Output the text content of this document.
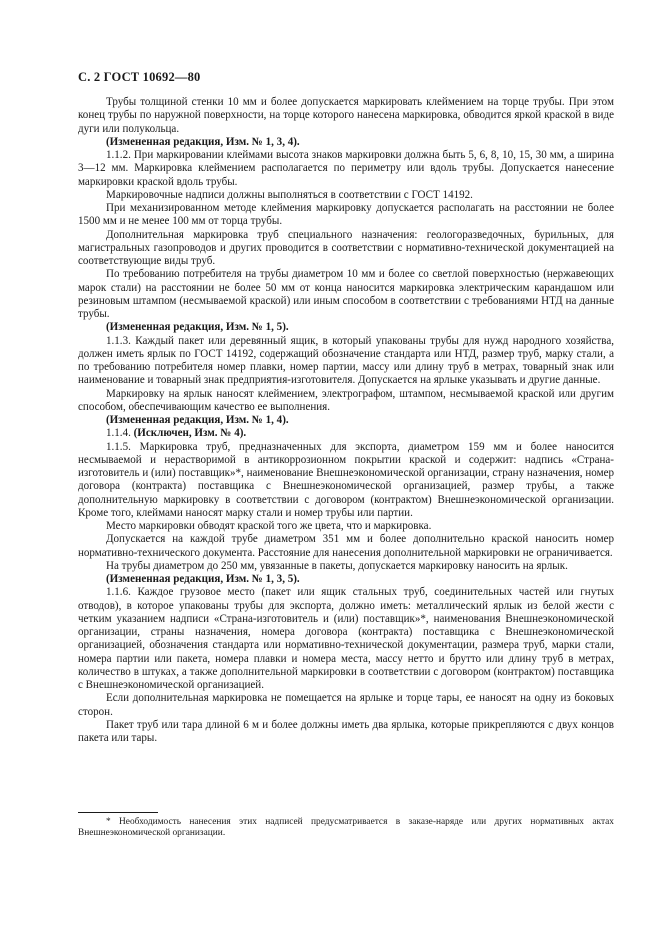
С. 2 ГОСТ 10692—80

Трубы толщиной стенки 10 мм и более допускается маркировать клеймением на торце трубы. При этом конец трубы по наружной поверхности, на торце которого нанесена маркировка, обводится яркой краской в виде дуги или полукольца.

(Измененная редакция, Изм. № 1, 3, 4).

1.1.2. При маркировании клеймами высота знаков маркировки должна быть 5, 6, 8, 10, 15, 30 мм, а ширина 3—12 мм. Маркировка клеймением располагается по периметру или вдоль трубы. Допускается нанесение маркировки краской вдоль трубы.

Маркировочные надписи должны выполняться в соответствии с ГОСТ 14192.

При механизированном методе клеймения маркировку допускается располагать на расстоянии не более 1500 мм и не менее 100 мм от торца трубы.

Дополнительная маркировка труб специального назначения: геологоразведочных, бурильных, для магистральных газопроводов и других проводится в соответствии с нормативно-технической документацией на соответствующие виды труб.

По требованию потребителя на трубы диаметром 10 мм и более со светлой поверхностью (нержавеющих марок стали) на расстоянии не более 50 мм от конца наносится маркировка электрическим карандашом или резиновым штампом (несмываемой краской) или иным способом в соответствии с требованиями НТД на данные трубы.

(Измененная редакция, Изм. № 1, 5).

1.1.3. Каждый пакет или деревянный ящик, в который упакованы трубы для нужд народного хозяйства, должен иметь ярлык по ГОСТ 14192, содержащий обозначение стандарта или НТД, размер труб, марку стали, а по требованию потребителя номер плавки, номер партии, массу или длину труб в метрах, товарный знак или наименование и товарный знак предприятия-изготовителя. Допускается на ярлыке указывать и другие данные.

Маркировку на ярлык наносят клеймением, электрографом, штампом, несмываемой краской или другим способом, обеспечивающим качество ее выполнения.

(Измененная редакция, Изм. № 1, 4).

1.1.4. (Исключен, Изм. № 4).

1.1.5. Маркировка труб, предназначенных для экспорта, диаметром 159 мм и более наносится несмываемой и нерастворимой в антикоррозионном покрытии краской и содержит: надпись «Страна-изготовитель и (или) поставщик»*, наименование Внешнеэкономической организации, страну назначения, номер договора (контракта) поставщика с Внешнеэкономической организацией, размер трубы, а также дополнительную маркировку в соответствии с договором (контрактом) Внешнеэкономической организации. Кроме того, клеймами наносят марку стали и номер трубы или партии.

Место маркировки обводят краской того же цвета, что и маркировка.

Допускается на каждой трубе диаметром 351 мм и более дополнительно краской наносить номер нормативно-технического документа. Расстояние для нанесения дополнительной маркировки не ограничивается.

На трубы диаметром до 250 мм, увязанные в пакеты, допускается маркировку наносить на ярлык.

(Измененная редакция, Изм. № 1, 3, 5).

1.1.6. Каждое грузовое место (пакет или ящик стальных труб, соединительных частей или гнутых отводов), в которое упакованы трубы для экспорта, должно иметь: металлический ярлык из белой жести с четким указанием надписи «Страна-изготовитель и (или) поставщик»*, наименования Внешнеэкономической организации, страны назначения, номера договора (контракта) поставщика с Внешнеэкономической организацией, обозначения стандарта или нормативно-технической документации, размера труб, марки стали, номера партии или пакета, номера плавки и номера места, массу нетто и брутто или длину труб в метрах, количество в штуках, а также дополнительной маркировки в соответствии с договором (контрактом) поставщика с Внешнеэкономической организацией.

Если дополнительная маркировка не помещается на ярлыке и торце тары, ее наносят на одну из боковых сторон.

Пакет труб или тара длиной 6 м и более должны иметь два ярлыка, которые прикрепляются с двух концов пакета или тары.

* Необходимость нанесения этих надписей предусматривается в заказе-наряде или других нормативных актах Внешнеэкономической организации.
